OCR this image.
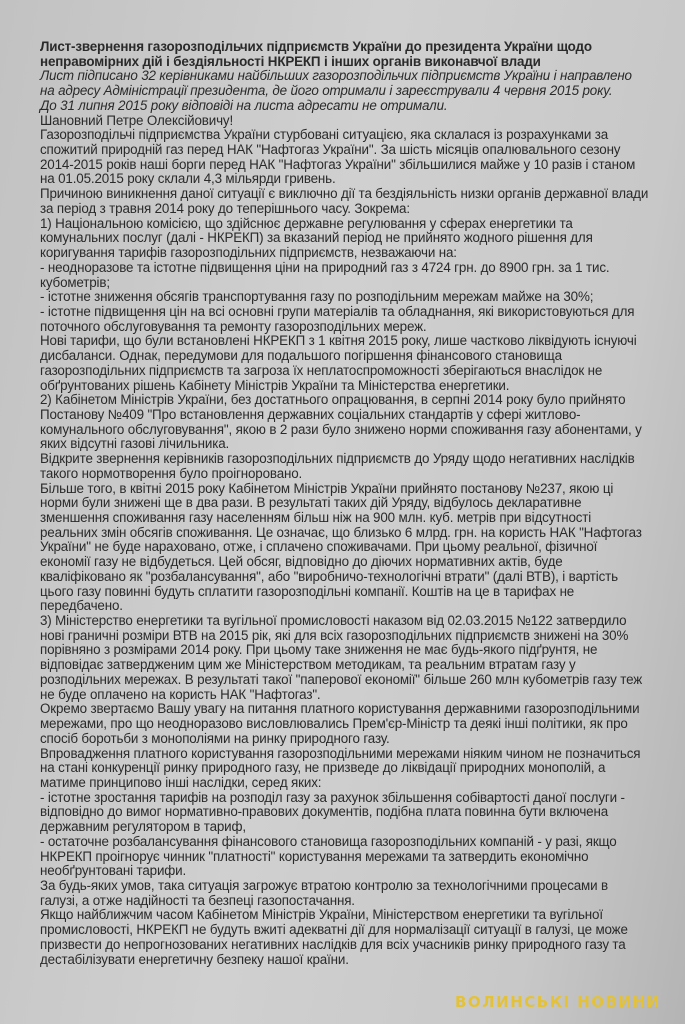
Лист-звернення газорозподільчих підприємств України до президента України щодо
неправомірних дій і бездіяльності НКРЕКП і інших органів виконавчої влади
Лист підписано 32 керівниками найбільших газорозподільчих підприємств України і направлено
на адресу Адміністрації президента, де його отримали і зареєстрували 4 червня 2015 року.
До 31 липня 2015 року відповіді на листа адресати не отримали.
Шановний Петре Олексійовичу!
Газорозподільчі підприємства України стурбовані ситуацією, яка склалася із розрахунками за
спожитий природній газ перед НАК "Нафтогаз України". За шість місяців опалювального сезону
2014-2015 років наші борги перед НАК "Нафтогаз України" збільшилися майже у 10 разів і станом
на 01.05.2015 року склали 4,3 мільярди гривень.
Причиною виникнення даної ситуації є виключно дії та бездіяльність низки органів державної влади
за період з травня 2014 року до теперішнього часу. Зокрема:
1) Національною комісією, що здійснює державне регулювання у сферах енергетики та
комунальних послуг (далі - НКРЕКП) за вказаний період не прийнято жодного рішення для
коригування тарифів газорозподільних підприємств, незважаючи на:
- неодноразове та істотне підвищення ціни на природний газ з 4724 грн. до 8900 грн. за 1 тис.
кубометрів;
- істотне зниження обсягів транспортування газу по розподільним мережам майже на 30%;
- істотне підвищення цін на всі основні групи матеріалів та обладнання, які використовуються для
поточного обслуговування та ремонту газорозподільних мереж.
Нові тарифи, що були встановлені НКРЕКП з 1 квітня 2015 року, лише частково ліквідують існуючі
дисбаланси. Однак, передумови для подальшого погіршення фінансового становища
газорозподільних підприємств та загроза їх неплатоспроможності зберігаються внаслідок не
обґрунтованих рішень Кабінету Міністрів України та Міністерства енергетики.
2) Кабінетом Міністрів України, без достатнього опрацювання, в серпні 2014 року було прийнято
Постанову №409 "Про встановлення державних соціальних стандартів у сфері житлово-
комунального обслуговування", якою в 2 рази було знижено норми споживання газу абонентами, у
яких відсутні газові лічильника.
Відкрите звернення керівників газорозподільних підприємств до Уряду щодо негативних наслідків
такого нормотворення було проігноровано.
Більше того, в квітні 2015 року Кабінетом Міністрів України прийнято постанову №237, якою ці
норми були знижені ще в два рази. В результаті таких дій Уряду, відбулось декларативне
зменшення споживання газу населенням більш ніж на 900 млн. куб. метрів при відсутності
реальних змін обсягів споживання. Це означає, що близько 6 млрд. грн. на користь НАК "Нафтогаз
України" не буде нараховано, отже, і сплачено споживачами. При цьому реальної, фізичної
економії газу не відбудеться. Цей обсяг, відповідно до діючих нормативних актів, буде
кваліфіковано як "розбалансування", або "виробничо-технологічні втрати" (далі ВТВ), і вартість
цього газу повинні будуть сплатити газорозподільні компанії. Коштів на це в тарифах не
передбачено.
3) Міністерство енергетики та вугільної промисловості наказом від 02.03.2015 №122 затвердило
нові граничні розміри ВТВ на 2015 рік, які для всіх газорозподільних підприємств знижені на 30%
порівняно з розмірами 2014 року. При цьому таке зниження не має будь-якого підґрунтя, не
відповідає затвердженим цим же Міністерством методикам, та реальним втратам газу у
розподільних мережах. В результаті такої "паперової економії" більше 260 млн кубометрів газу теж
не буде оплачено на користь НАК "Нафтогаз".
Окремо звертаємо Вашу увагу на питання платного користування державними газорозподільними
мережами, про що неодноразово висловлювались Прем'єр-Міністр та деякі інші політики, як про
спосіб боротьби з монополіями на ринку природного газу.
Впровадження платного користування газорозподільними мережами ніяким чином не позначиться
на стані конкуренції ринку природного газу, не призведе до ліквідації природних монополій, а
матиме принципово інші наслідки, серед яких:
- істотне зростання тарифів на розподіл газу за рахунок збільшення собівартості даної послуги -
відповідно до вимог нормативно-правових документів, подібна плата повинна бути включена
державним регулятором в тариф,
- остаточне розбалансування фінансового становища газорозподільних компаній - у разі, якщо
НКРЕКП проігнорує чинник "платності" користування мережами та затвердить економічно
необґрунтовані тарифи.
За будь-яких умов, така ситуація загрожує втратою контролю за технологічними процесами в
галузі, а отже надійності та безпеці газопостачання.
Якщо найближчим часом Кабінетом Міністрів України, Міністерством енергетики та вугільної
промисловості, НКРЕКП не будуть вжиті адекватні дії для нормалізації ситуації в галузі, це може
призвести до непрогнозованих негативних наслідків для всіх учасників ринку природного газу та
дестабілізувати енергетичну безпеку нашої країни.
ВОЛИНСЬКІ НОВИНИ
